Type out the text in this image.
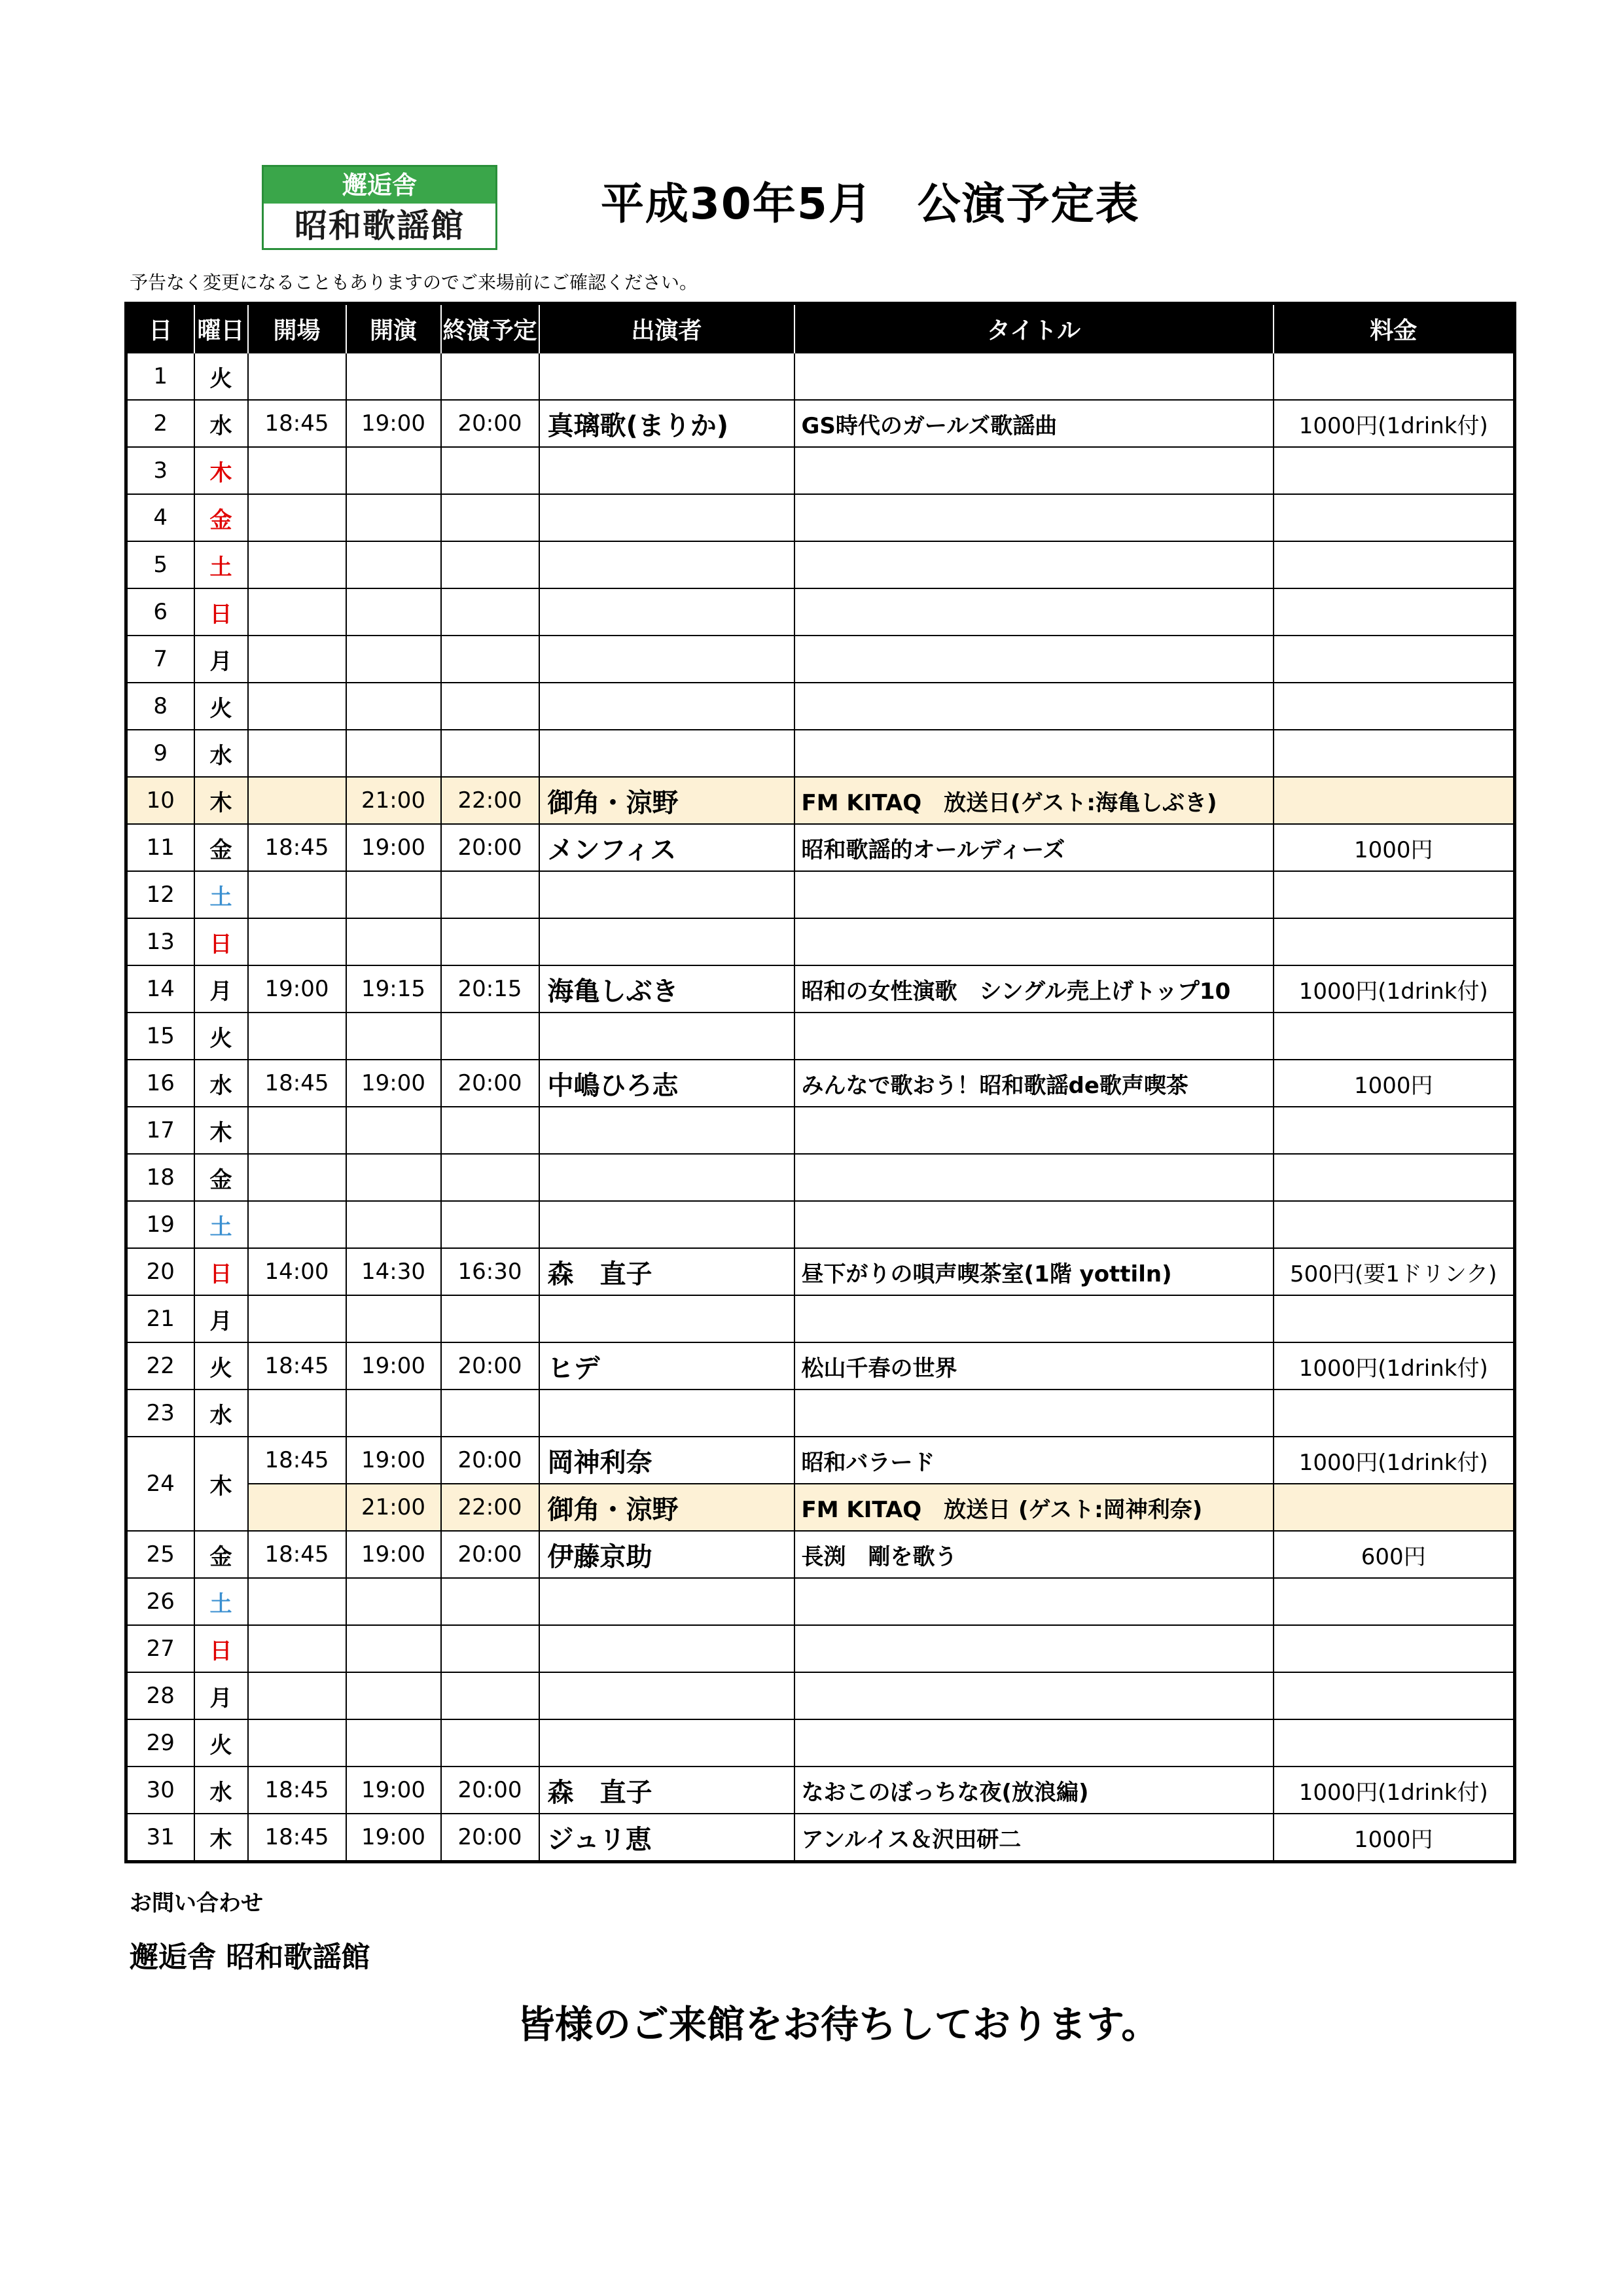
邂逅舎
昭和歌謡館	平成30年5月　公演予定表
予告なく変更になることもありますのでご来場前にご確認ください。
日	曜日	開場	開演	終演予定	出演者	タイトル	料金
1	火						
2	水	18:45	19:00	20:00	真璃歌(まりか)	GS時代のガールズ歌謡曲	1000円(1drink付)
3	木						
4	金						
5	土						
6	日						
7	月						
8	火						
9	水						
10	木		21:00	22:00	御角・涼野	FM KITAQ　放送日(ゲスト:海亀しぶき)	
11	金	18:45	19:00	20:00	メンフィス	昭和歌謡的オールディーズ	1000円
12	土						
13	日						
14	月	19:00	19:15	20:15	海亀しぶき	昭和の女性演歌　シングル売上げトップ10	1000円(1drink付)
15	火						
16	水	18:45	19:00	20:00	中嶋ひろ志	みんなで歌おう！昭和歌謡de歌声喫茶	1000円
17	木						
18	金						
19	土						
20	日	14:00	14:30	16:30	森　直子	昼下がりの唄声喫茶室(1階 yottiln)	500円(要1ドリンク)
21	月						
22	火	18:45	19:00	20:00	ヒデ	松山千春の世界	1000円(1drink付)
23	水						
24	木	18:45	19:00	20:00	岡神利奈	昭和バラード	1000円(1drink付)
			21:00	22:00	御角・涼野	FM KITAQ　放送日 (ゲスト:岡神利奈)	
25	金	18:45	19:00	20:00	伊藤京助	長渕　剛を歌う	600円
26	土						
27	日						
28	月						
29	火						
30	水	18:45	19:00	20:00	森　直子	なおこのぼっちな夜(放浪編)	1000円(1drink付)
31	木	18:45	19:00	20:00	ジュリ恵	アンルイス＆沢田研二	1000円
お問い合わせ
邂逅舎 昭和歌謡館
皆様のご来館をお待ちしております。
